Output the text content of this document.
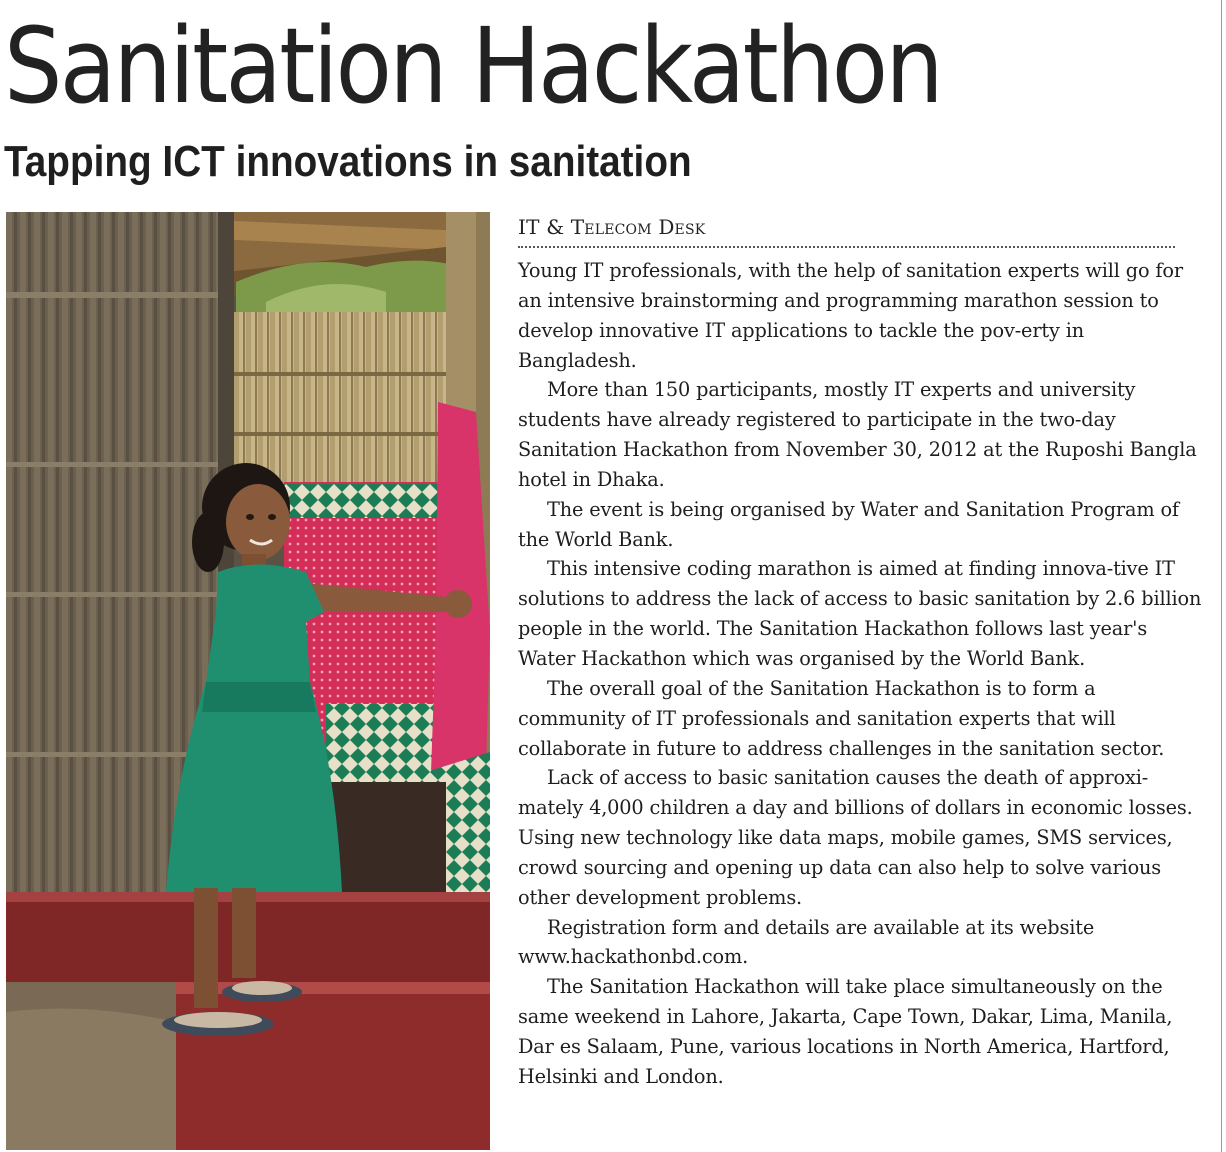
Sanitation Hackathon
Tapping ICT innovations in sanitation
IT & Telecom Desk

Young IT professionals, with the help of sanitation experts will go for an intensive brainstorming and programming marathon session to develop innovative IT applications to tackle the pov-erty in Bangladesh.

More than 150 participants, mostly IT experts and university students have already registered to participate in the two-day Sanitation Hackathon from November 30, 2012 at the Ruposhi Bangla hotel in Dhaka.

The event is being organised by Water and Sanitation Program of the World Bank.

This intensive coding marathon is aimed at finding innova-tive IT solutions to address the lack of access to basic sanitation by 2.6 billion people in the world. The Sanitation Hackathon follows last year's Water Hackathon which was organised by the World Bank.

The overall goal of the Sanitation Hackathon is to form a community of IT professionals and sanitation experts that will collaborate in future to address challenges in the sanitation sector.

Lack of access to basic sanitation causes the death of approxi-mately 4,000 children a day and billions of dollars in economic losses. Using new technology like data maps, mobile games, SMS services, crowd sourcing and opening up data can also help to solve various other development problems.

Registration form and details are available at its website www.hackathonbd.com.

The Sanitation Hackathon will take place simultaneously on the same weekend in Lahore, Jakarta, Cape Town, Dakar, Lima, Manila, Dar es Salaam, Pune, various locations in North America, Hartford, Helsinki and London.
